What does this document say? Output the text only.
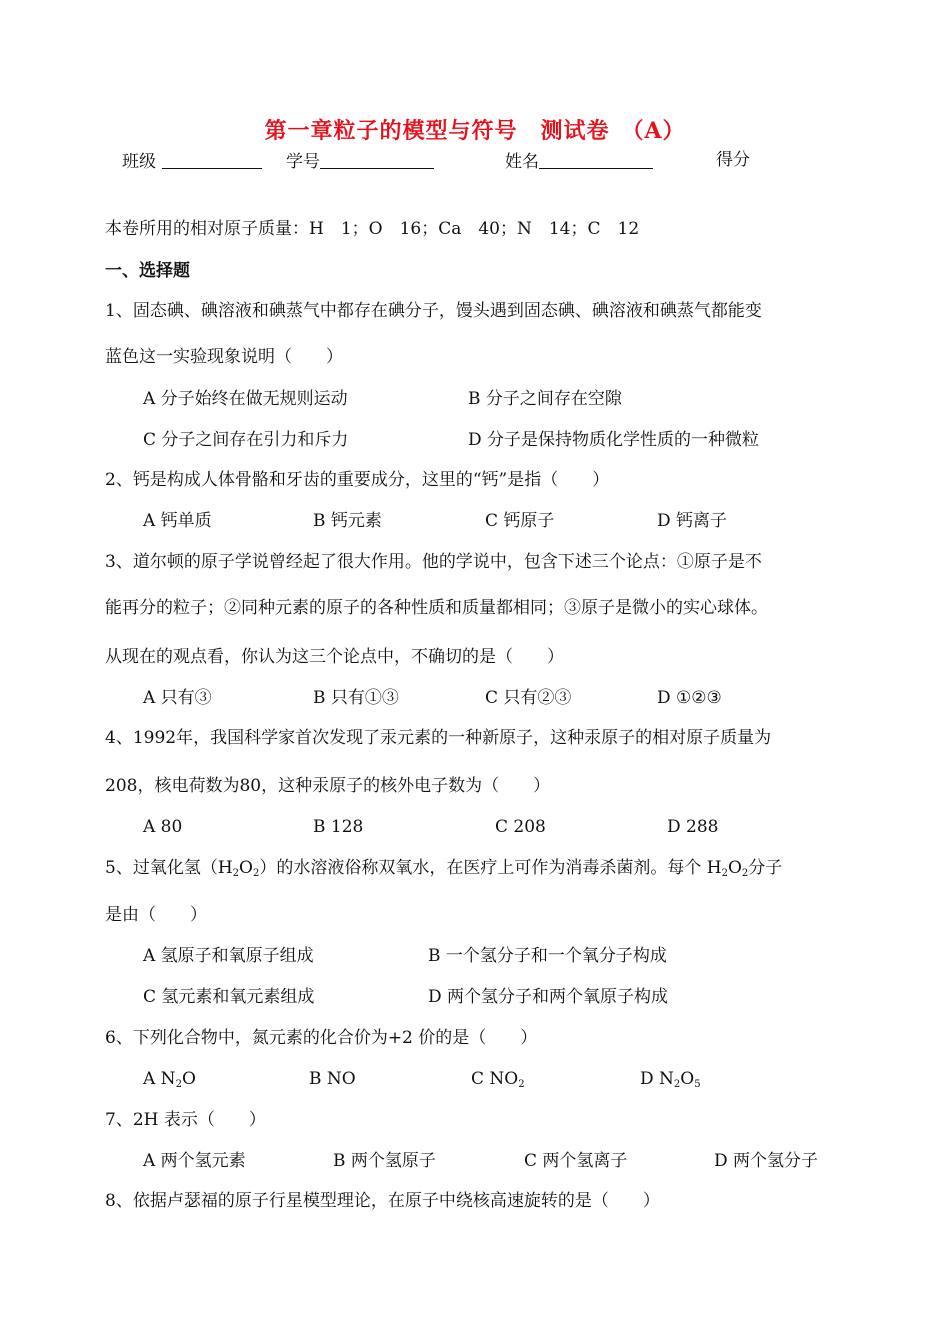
第一章粒子的模型与符号　测试卷　（A）
班级	学号	姓名	得分
本卷所用的相对原子质量：H　1；O　16；Ca　40；N　14；C　12
一、选择题
1、固态碘、碘溶液和碘蒸气中都存在碘分子，馒头遇到固态碘、碘溶液和碘蒸气都能变
蓝色这一实验现象说明（　　）
A 分子始终在做无规则运动	B 分子之间存在空隙
C 分子之间存在引力和斥力	D 分子是保持物质化学性质的一种微粒
2、钙是构成人体骨骼和牙齿的重要成分，这里的“钙”是指（　　）
A 钙单质	B 钙元素	C 钙原子	D 钙离子
3、道尔顿的原子学说曾经起了很大作用。他的学说中，包含下述三个论点：①原子是不
能再分的粒子；②同种元素的原子的各种性质和质量都相同；③原子是微小的实心球体。
从现在的观点看，你认为这三个论点中，不确切的是（　　）
A 只有③	B 只有①③	C 只有②③	D ①②③
4、1992年，我国科学家首次发现了汞元素的一种新原子，这种汞原子的相对原子质量为
208，核电荷数为80，这种汞原子的核外电子数为（　　）
A 80	B 128	C 208	D 288
5、过氧化氢$(H_2O_2)$的水溶液俗称双氧水，在医疗上可作为消毒杀菌剂。每个 $H_2O_2$分子
是由（　　）
A 氢原子和氧原子组成	B 一个氢分子和一个氧分子构成
C 氢元素和氧元素组成	D 两个氢分子和两个氧原子构成
6、下列化合物中，氮元素的化合价为+2 价的是（　　）
A $N_2O$	B NO	C $NO_2$	D $N_2O_5$
7、2H 表示（　　）
A 两个氢元素	B 两个氢原子	C 两个氢离子	D 两个氢分子
8、依据卢瑟福的原子行星模型理论，在原子中绕核高速旋转的是（　　）
